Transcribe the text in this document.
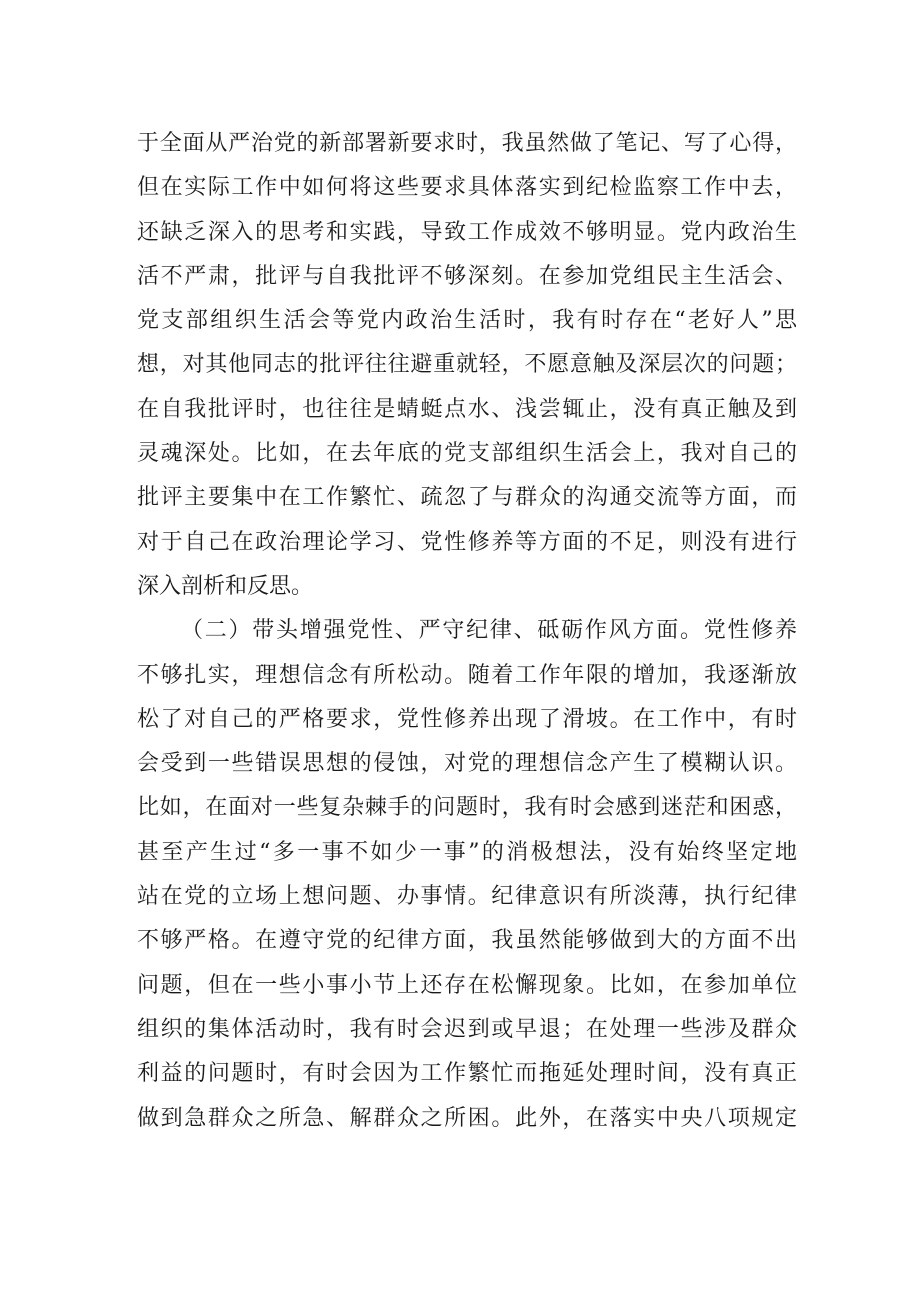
于全面从严治党的新部署新要求时，我虽然做了笔记、写了心得，
但在实际工作中如何将这些要求具体落实到纪检监察工作中去，
还缺乏深入的思考和实践，导致工作成效不够明显。党内政治生
活不严肃，批评与自我批评不够深刻。在参加党组民主生活会、
党支部组织生活会等党内政治生活时，我有时存在“老好人”思
想，对其他同志的批评往往避重就轻，不愿意触及深层次的问题；
在自我批评时，也往往是蜻蜓点水、浅尝辄止，没有真正触及到
灵魂深处。比如，在去年底的党支部组织生活会上，我对自己的
批评主要集中在工作繁忙、疏忽了与群众的沟通交流等方面，而
对于自己在政治理论学习、党性修养等方面的不足，则没有进行
深入剖析和反思。
（二）带头增强党性、严守纪律、砥砺作风方面。党性修养
不够扎实，理想信念有所松动。随着工作年限的增加，我逐渐放
松了对自己的严格要求，党性修养出现了滑坡。在工作中，有时
会受到一些错误思想的侵蚀，对党的理想信念产生了模糊认识。
比如，在面对一些复杂棘手的问题时，我有时会感到迷茫和困惑，
甚至产生过“多一事不如少一事”的消极想法，没有始终坚定地
站在党的立场上想问题、办事情。纪律意识有所淡薄，执行纪律
不够严格。在遵守党的纪律方面，我虽然能够做到大的方面不出
问题，但在一些小事小节上还存在松懈现象。比如，在参加单位
组织的集体活动时，我有时会迟到或早退；在处理一些涉及群众
利益的问题时，有时会因为工作繁忙而拖延处理时间，没有真正
做到急群众之所急、解群众之所困。此外，在落实中央八项规定
